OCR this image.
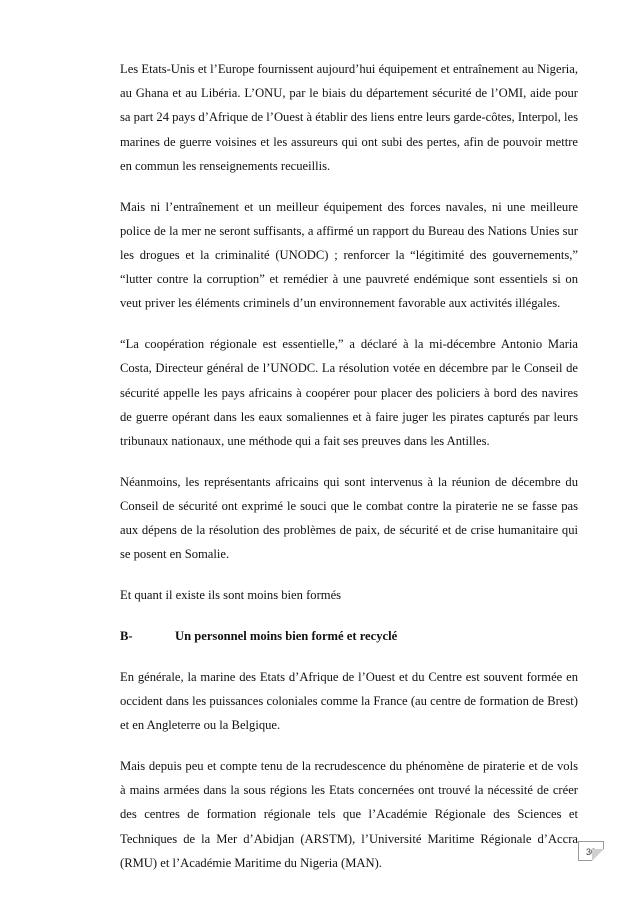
Les Etats-Unis et l’Europe fournissent aujourd’hui équipement et entraînement au Nigeria, au Ghana et au Libéria. L’ONU, par le biais du département sécurité de l’OMI, aide pour sa part 24 pays d’Afrique de l’Ouest à établir des liens entre leurs garde-côtes, Interpol, les marines de guerre voisines et les assureurs qui ont subi des pertes, afin de pouvoir mettre en commun les renseignements recueillis.

Mais ni l’entraînement et un meilleur équipement des forces navales, ni une meilleure police de la mer ne seront suffisants, a affirmé un rapport du Bureau des Nations Unies sur les drogues et la criminalité (UNODC) ; renforcer la “légitimité des gouvernements,” “lutter contre la corruption” et remédier à une pauvreté endémique sont essentiels si on veut priver les éléments criminels d’un environnement favorable aux activités illégales.

“La coopération régionale est essentielle,” a déclaré à la mi-décembre Antonio Maria Costa, Directeur général de l’UNODC. La résolution votée en décembre par le Conseil de sécurité appelle les pays africains à coopérer pour placer des policiers à bord des navires de guerre opérant dans les eaux somaliennes et à faire juger les pirates capturés par leurs tribunaux nationaux, une méthode qui a fait ses preuves dans les Antilles.

Néanmoins, les représentants africains qui sont intervenus à la réunion de décembre du Conseil de sécurité ont exprimé le souci que le combat contre la piraterie ne se fasse pas aux dépens de la résolution des problèmes de paix, de sécurité et de crise humanitaire qui se posent en Somalie.

Et quant il existe ils sont moins bien formés

B-	Un personnel moins bien formé et recyclé

En générale, la marine des Etats d’Afrique de l’Ouest et du Centre est souvent formée en occident dans les puissances coloniales comme la France (au centre de formation de Brest) et en Angleterre ou la Belgique.

Mais depuis peu et compte tenu de la recrudescence du phénomène de piraterie et de vols à mains armées dans la sous régions les Etats concernées ont trouvé la nécessité de créer des centres de formation régionale tels que l’Académie Régionale des Sciences et Techniques de la Mer d’Abidjan (ARSTM), l’Université Maritime Régionale d’Accra (RMU) et l’Académie Maritime du Nigeria (MAN).

30
